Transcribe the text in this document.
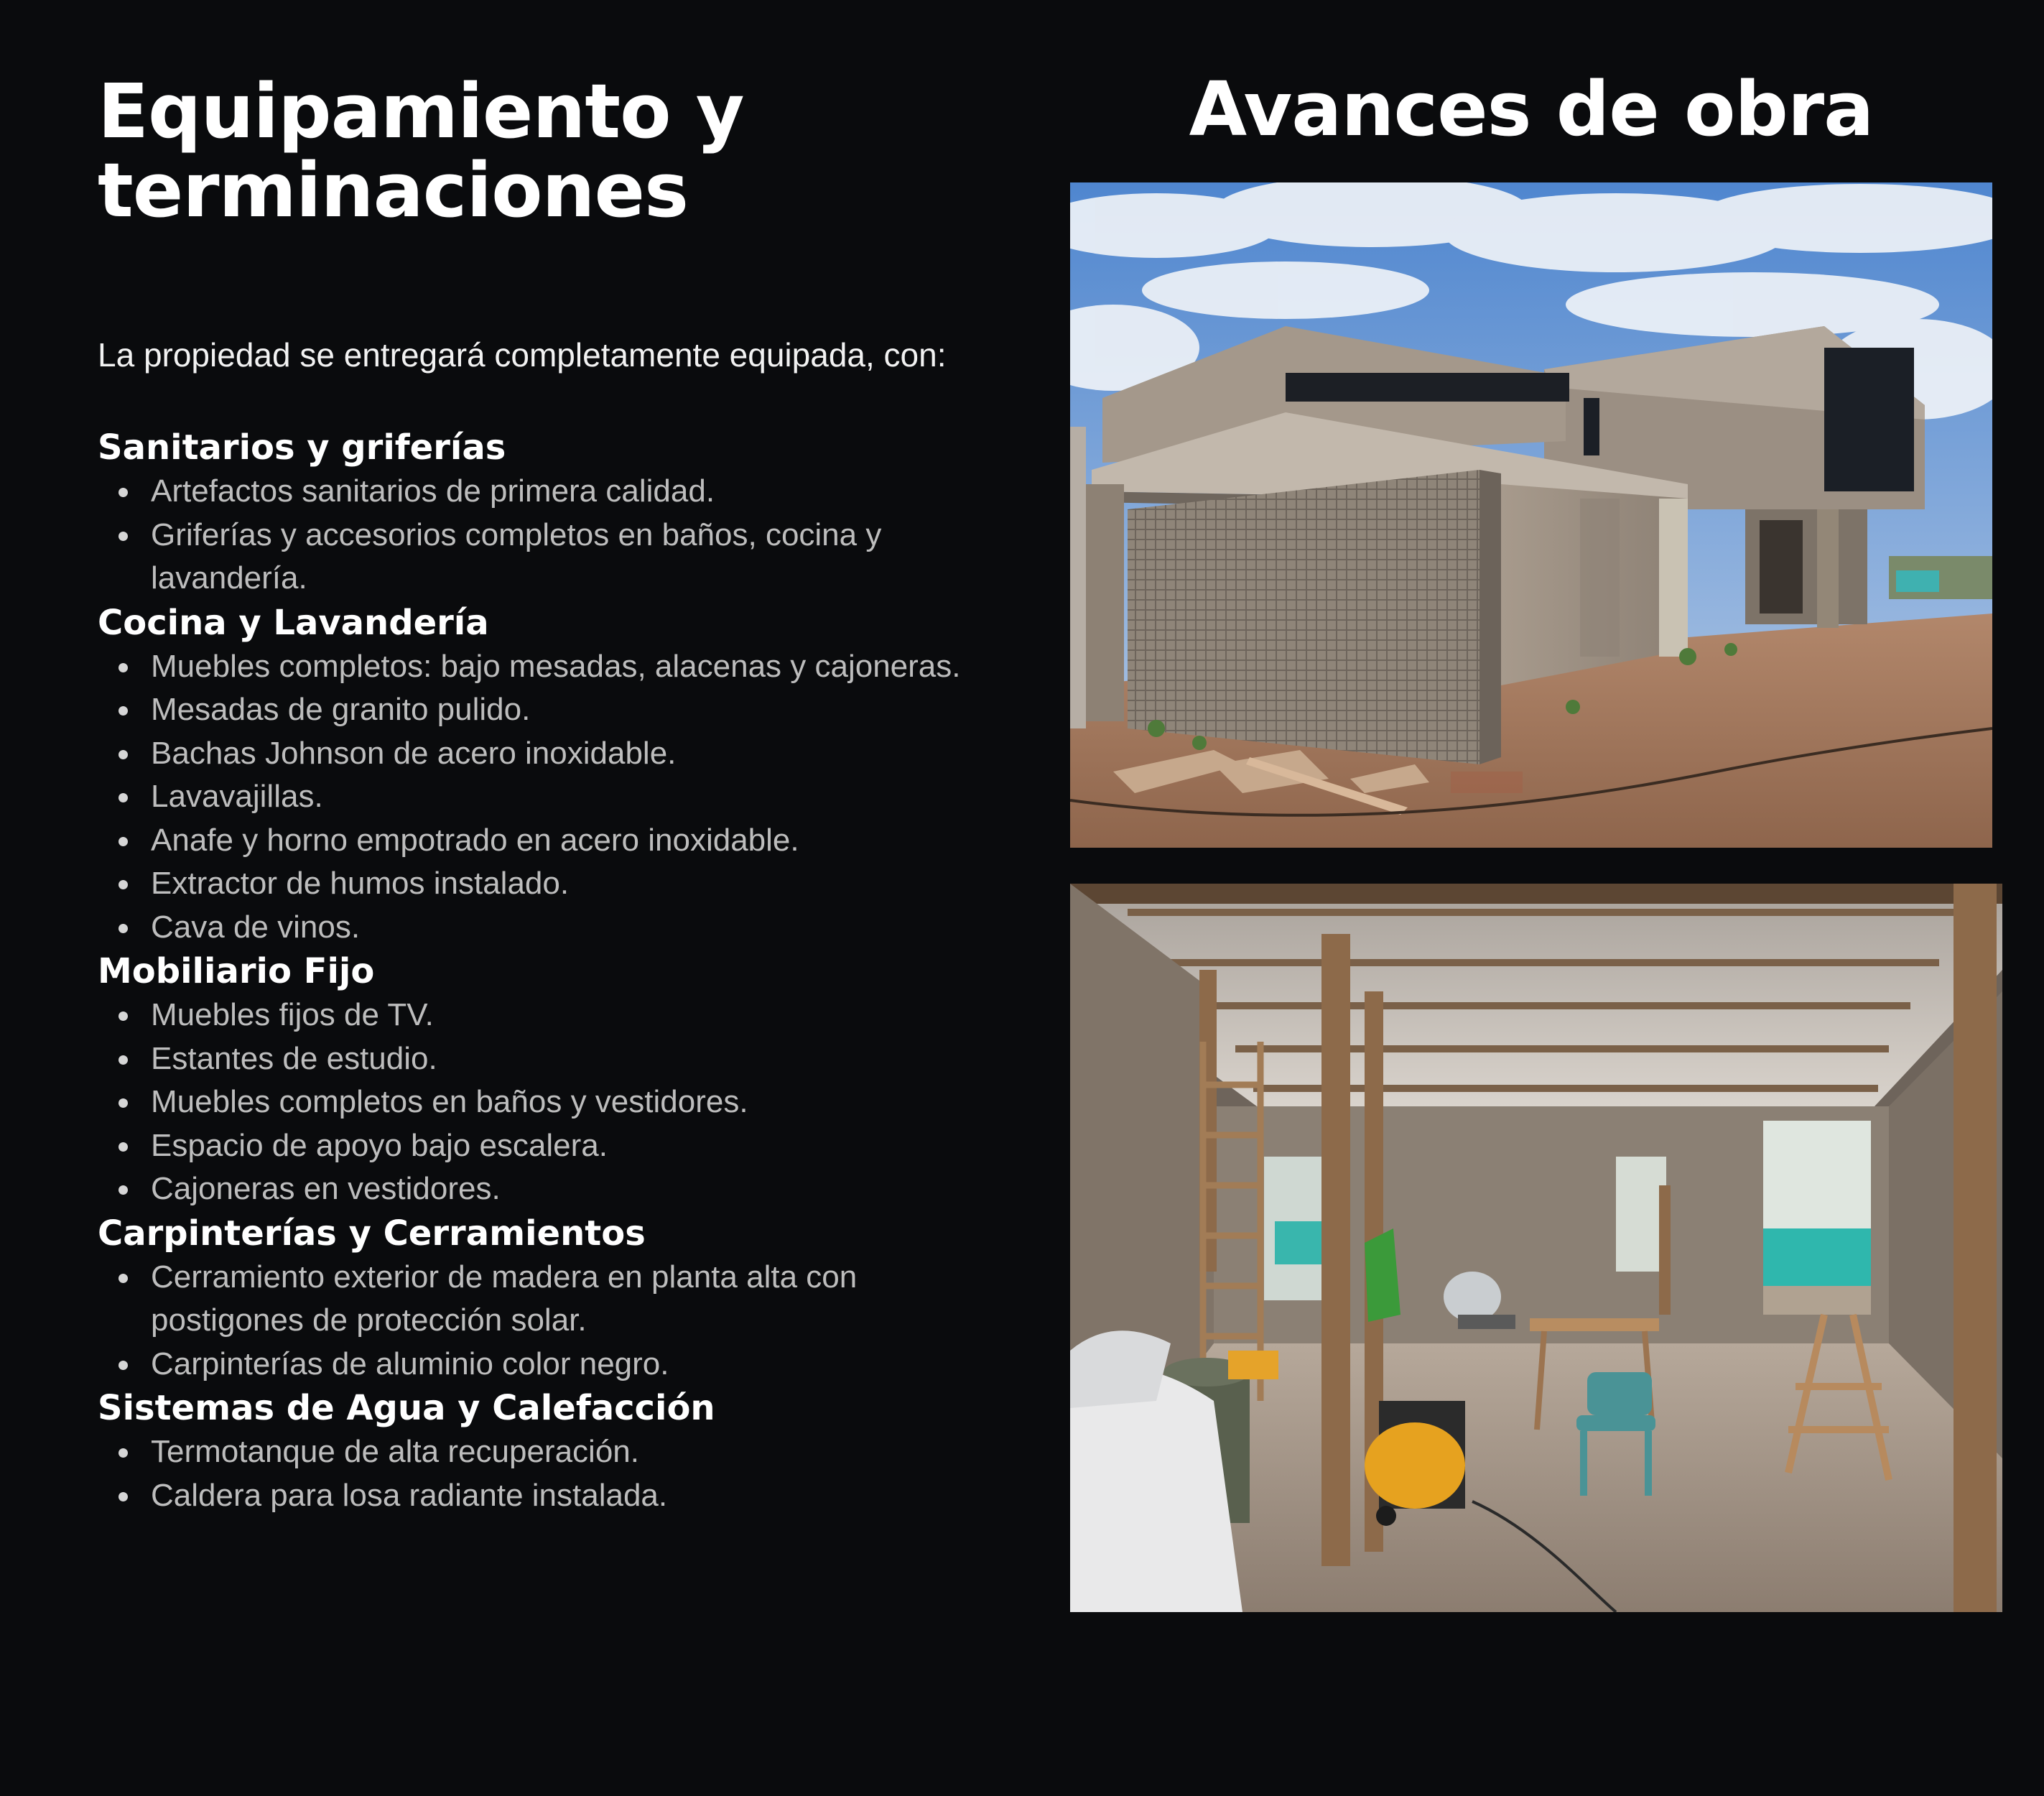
Equipamiento y
terminaciones
La propiedad se entregará completamente equipada, con:
Sanitarios y griferías
Artefactos sanitarios de primera calidad.
Griferías y accesorios completos en baños, cocina y lavandería.
Cocina y Lavandería
Muebles completos: bajo mesadas, alacenas y cajoneras.
Mesadas de granito pulido.
Bachas Johnson de acero inoxidable.
Lavavajillas.
Anafe y horno empotrado en acero inoxidable.
Extractor de humos instalado.
Cava de vinos.
Mobiliario Fijo
Muebles fijos de TV.
Estantes de estudio.
Muebles completos en baños y vestidores.
Espacio de apoyo bajo escalera.
Cajoneras en vestidores.
Carpinterías y Cerramientos
Cerramiento exterior de madera en planta alta con postigones de protección solar.
Carpinterías de aluminio color negro.
Sistemas de Agua y Calefacción
Termotanque de alta recuperación.
Caldera para losa radiante instalada.
Avances de obra
